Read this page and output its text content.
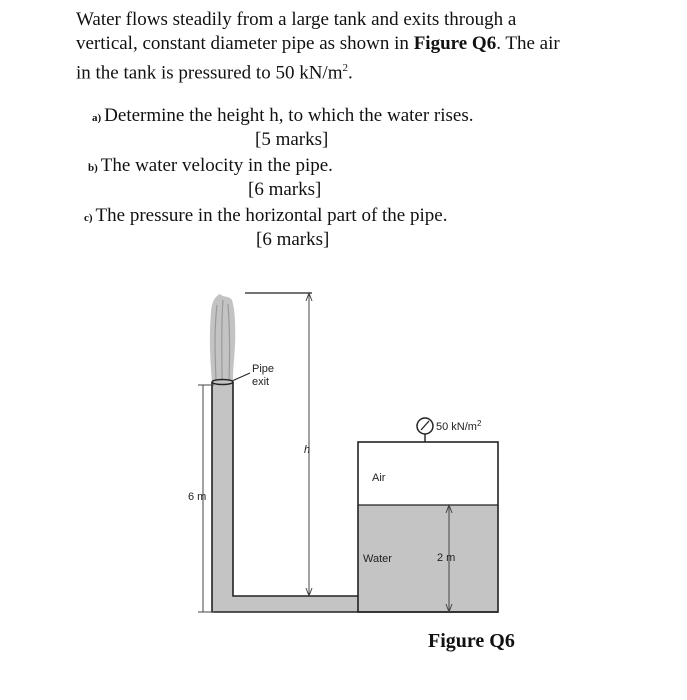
Water flows steadily from a large tank and exits through a
vertical, constant diameter pipe as shown in Figure Q6. The air
in the tank is pressured to 50 $kN/m^2$.
a) Determine the height h, to which the water rises.
[5 marks]
b) The water velocity in the pipe.
[6 marks]
c) The pressure in the horizontal part of the pipe.
[6 marks]
50 $kN/m^2$
h
6 m
2 m
Air
Water
Pipe
exit
Figure Q6
